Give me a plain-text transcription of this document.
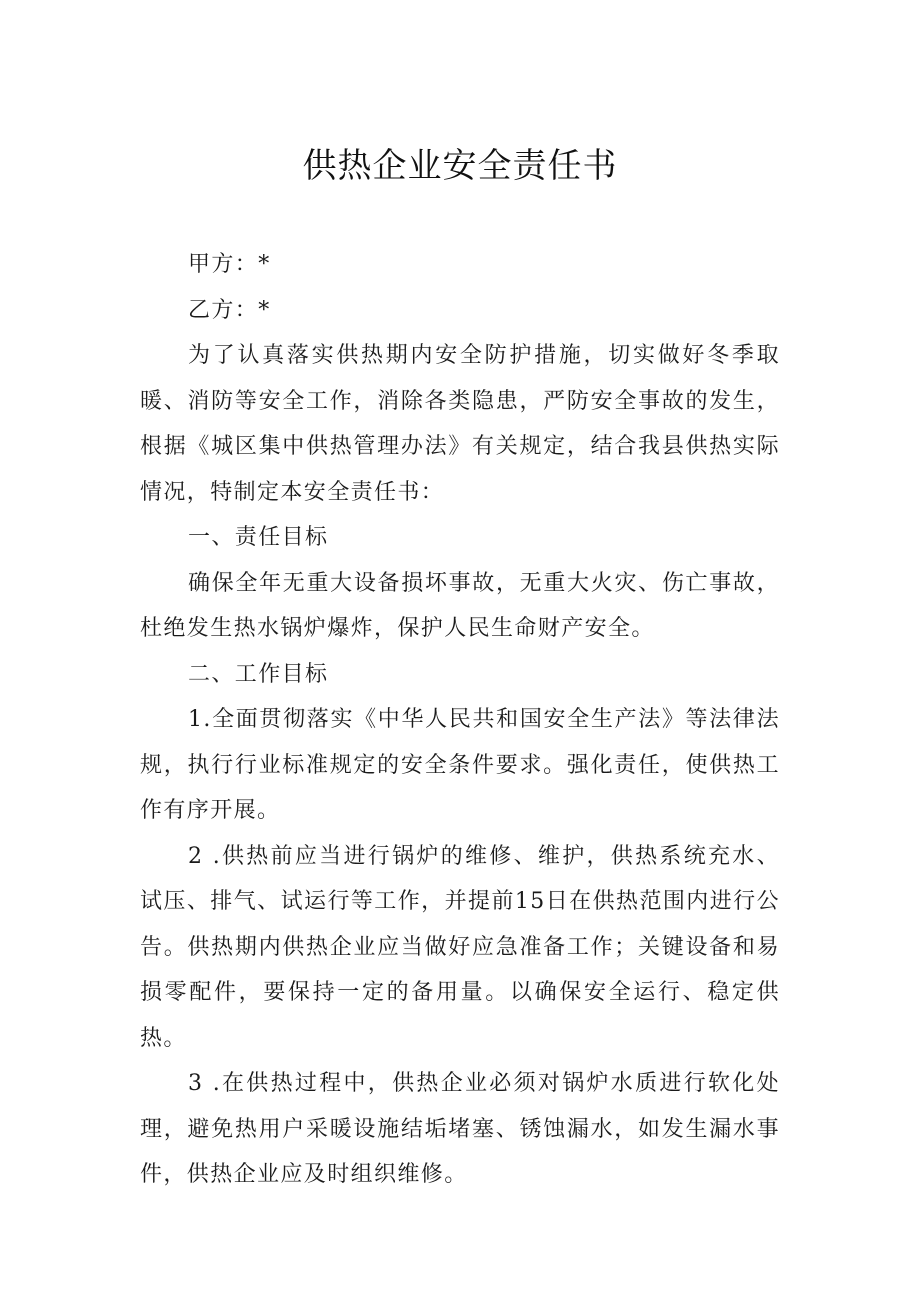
供热企业安全责任书

甲方：*

乙方：*

为了认真落实供热期内安全防护措施，切实做好冬季取暖、消防等安全工作，消除各类隐患，严防安全事故的发生，根据《城区集中供热管理办法》有关规定，结合我县供热实际情况，特制定本安全责任书：

一、责任目标

确保全年无重大设备损坏事故，无重大火灾、伤亡事故，杜绝发生热水锅炉爆炸，保护人民生命财产安全。

二、工作目标

1.全面贯彻落实《中华人民共和国安全生产法》等法律法规，执行行业标准规定的安全条件要求。强化责任，使供热工作有序开展。

2 .供热前应当进行锅炉的维修、维护，供热系统充水、试压、排气、试运行等工作，并提前15日在供热范围内进行公告。供热期内供热企业应当做好应急准备工作；关键设备和易损零配件，要保持一定的备用量。以确保安全运行、稳定供热。

3 .在供热过程中，供热企业必须对锅炉水质进行软化处理，避免热用户采暖设施结垢堵塞、锈蚀漏水，如发生漏水事件，供热企业应及时组织维修。
